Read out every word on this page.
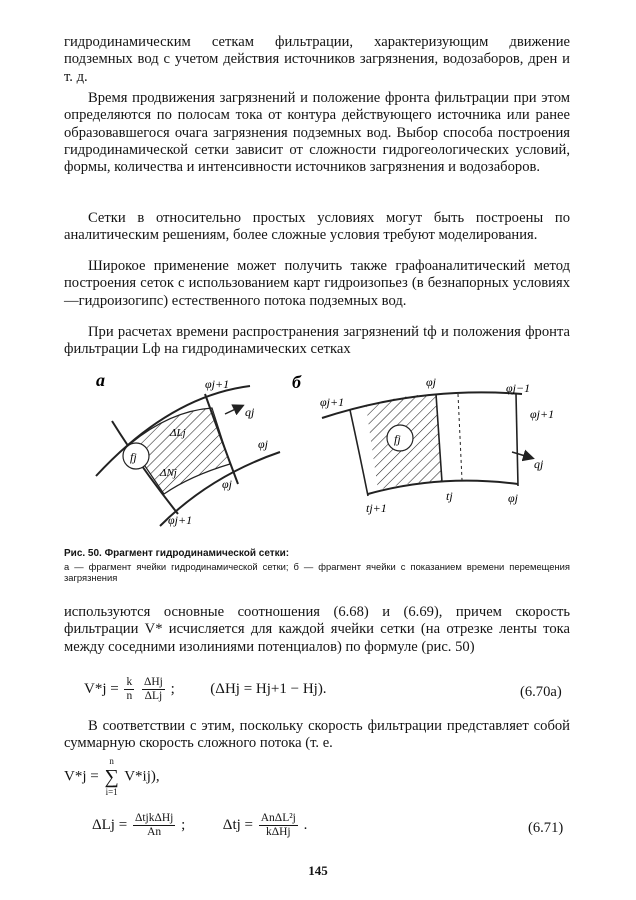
гидродинамическим сеткам фильтрации, характеризующим движение подземных вод с учетом действия источников загрязнения, водозаборов, дрен и т. д.

Время продвижения загрязнений и положение фронта фильтрации при этом определяются по полосам тока от контура действующего источника или ранее образовавшегося очага загрязнения подземных вод. Выбор способа построения гидродинамической сетки зависит от сложности гидрогеологических условий, формы, количества и интенсивности источников загрязнения и водозаборов.

Сетки в относительно простых условиях могут быть построены по аналитическим решениям, более сложные условия требуют моделирования.

Широкое применение может получить также графоаналитический метод построения сеток с использованием карт гидроизопьез (в безнапорных условиях—гидроизогипс) естественного потока подземных вод.

При расчетах времени распространения загрязнений tф и положения фронта фильтрации Lф на гидродинамических сетках

а
fj
ΔLj
ΔNj
φj+1
qj
φj
φj
φj+1
б
fj
φj+1
φj	φj−1
φj+1
qj
φj
tj+1
tj

Рис. 50. Фрагмент гидродинамической сетки:

а — фрагмент ячейки гидродинамической сетки; б — фрагмент ячейки с показанием времени перемещения загрязнения

используются основные соотношения (6.68) и (6.69), причем скорость фильтрации V* исчисляется для каждой ячейки сетки (на отрезке ленты тока между соседними изолиниями потенциалов) по формуле (рис. 50)

$V*j = \frac{k}{n}$
$\frac{\text{ΔHj}}{\text{ΔLj}}$ ; (ΔHj = Hj+1 − Hj).	(6.70а)

В соответствии с этим, поскольку скорость фильтрации представляет собой суммарную скорость сложного потока (т. е.

V*j =
n
∑
i=1
V*ij),
$\Delta Lj = \frac{\text{ΔtjkΔHj}}{An}$ ;	$\Delta tj = \frac{\text{AnΔL²j}}{\text{kΔHj}}$ .	(6.71)
145
